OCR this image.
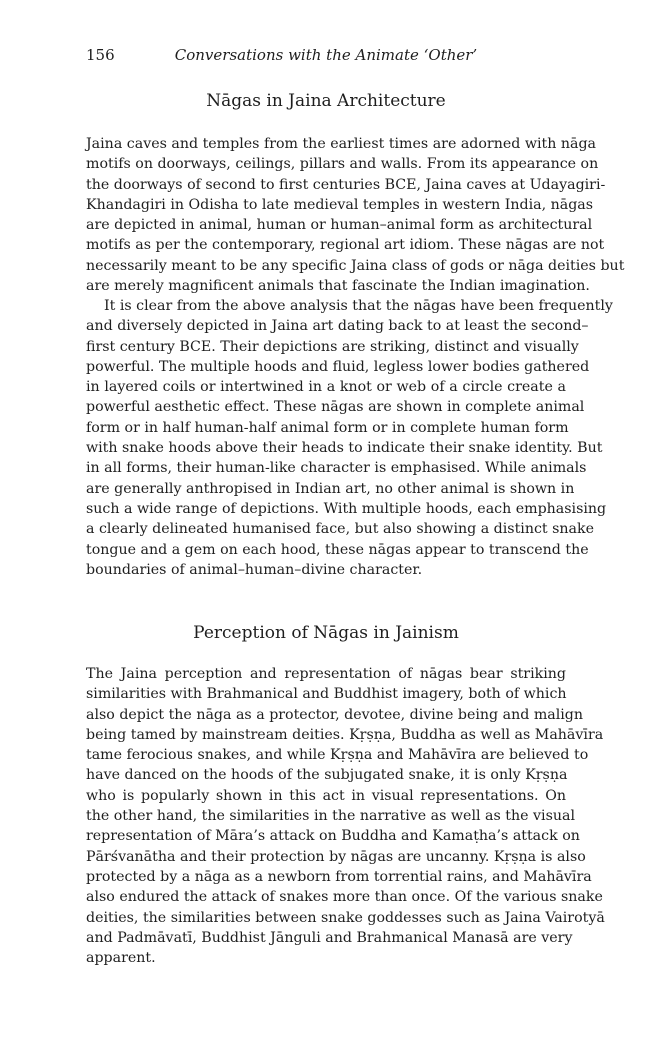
156	Conversations with the Animate ‘Other’
Nāgas in Jaina Architecture
Jaina caves and temples from the earliest times are adorned with nāga
motifs on doorways, ceilings, pillars and walls. From its appearance on
the doorways of second to first centuries BCE, Jaina caves at Udayagiri-
Khandagiri in Odisha to late medieval temples in western India, nāgas
are depicted in animal, human or human–animal form as architectural
motifs as per the contemporary, regional art idiom. These nāgas are not
necessarily meant to be any specific Jaina class of gods or nāga deities but
are merely magnificent animals that fascinate the Indian imagination.
It is clear from the above analysis that the nāgas have been frequently
and diversely depicted in Jaina art dating back to at least the second–
first century BCE. Their depictions are striking, distinct and visually
powerful. The multiple hoods and fluid, legless lower bodies gathered
in layered coils or intertwined in a knot or web of a circle create a
powerful aesthetic effect. These nāgas are shown in complete animal
form or in half human-half animal form or in complete human form
with snake hoods above their heads to indicate their snake identity. But
in all forms, their human-like character is emphasised. While animals
are generally anthropised in Indian art, no other animal is shown in
such a wide range of depictions. With multiple hoods, each emphasising
a clearly delineated humanised face, but also showing a distinct snake
tongue and a gem on each hood, these nāgas appear to transcend the
boundaries of animal–human–divine character.
Perception of Nāgas in Jainism
The Jaina perception and representation of nāgas bear striking
similarities with Brahmanical and Buddhist imagery, both of which
also depict the nāga as a protector, devotee, divine being and malign
being tamed by mainstream deities. Kṛṣṇa, Buddha as well as Mahāvīra
tame ferocious snakes, and while Kṛṣṇa and Mahāvīra are believed to
have danced on the hoods of the subjugated snake, it is only Kṛṣṇa
who is popularly shown in this act in visual representations. On
the other hand, the similarities in the narrative as well as the visual
representation of Māra’s attack on Buddha and Kamaṭha’s attack on
Pārśvanātha and their protection by nāgas are uncanny. Kṛṣṇa is also
protected by a nāga as a newborn from torrential rains, and Mahāvīra
also endured the attack of snakes more than once. Of the various snake
deities, the similarities between snake goddesses such as Jaina Vairotyā
and Padmāvatī, Buddhist Jānguli and Brahmanical Manasā are very
apparent.
